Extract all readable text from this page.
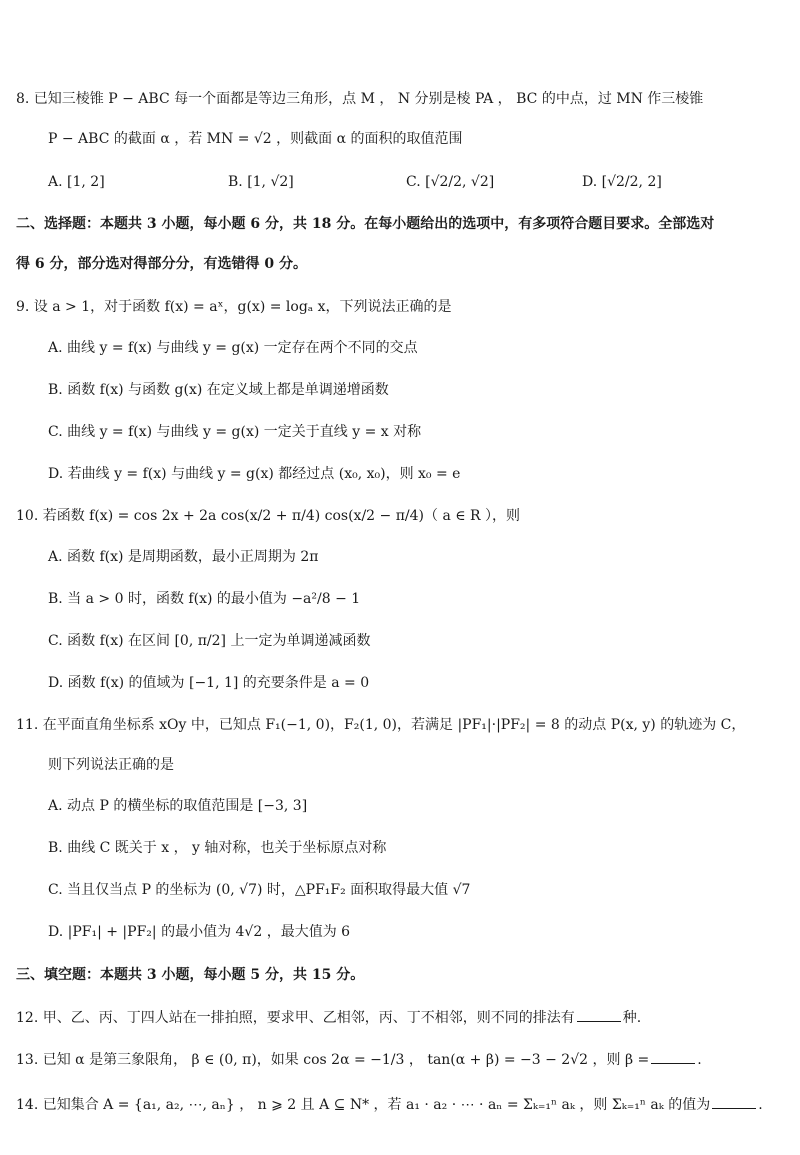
8. 已知三棱锥 P − ABC 每一个面都是等边三角形，点 M ， N 分别是棱 PA ， BC 的中点，过 MN 作三棱锥
P − ABC 的截面 α ，若 MN = √2 ，则截面 α 的面积的取值范围
A. [1, 2]	B. [1, √2]	C. [√2/2, √2]	D. [√2/2, 2]
二、选择题：本题共 3 小题，每小题 6 分，共 18 分。在每小题给出的选项中，有多项符合题目要求。全部选对
得 6 分，部分选对得部分分，有选错得 0 分。
9. 设 a > 1，对于函数 f(x) = aˣ，g(x) = logₐ x，下列说法正确的是
A. 曲线 y = f(x) 与曲线 y = g(x) 一定存在两个不同的交点
B. 函数 f(x) 与函数 g(x) 在定义域上都是单调递增函数
C. 曲线 y = f(x) 与曲线 y = g(x) 一定关于直线 y = x 对称
D. 若曲线 y = f(x) 与曲线 y = g(x) 都经过点 (x₀, x₀)，则 x₀ = e
10. 若函数 f(x) = cos 2x + 2a cos(x/2 + π/4) cos(x/2 − π/4)（ a ∈ R ），则
A. 函数 f(x) 是周期函数，最小正周期为 2π
B. 当 a > 0 时，函数 f(x) 的最小值为 −a²/8 − 1
C. 函数 f(x) 在区间 [0, π/2] 上一定为单调递减函数
D. 函数 f(x) 的值域为 [−1, 1] 的充要条件是 a = 0
11. 在平面直角坐标系 xOy 中，已知点 F₁(−1, 0)，F₂(1, 0)，若满足 |PF₁|·|PF₂| = 8 的动点 P(x, y) 的轨迹为 C，
则下列说法正确的是
A. 动点 P 的横坐标的取值范围是 [−3, 3]
B. 曲线 C 既关于 x ， y 轴对称，也关于坐标原点对称
C. 当且仅当点 P 的坐标为 (0, √7) 时，△PF₁F₂ 面积取得最大值 √7
D. |PF₁| + |PF₂| 的最小值为 4√2 ，最大值为 6
三、填空题：本题共 3 小题，每小题 5 分，共 15 分。
12. 甲、乙、丙、丁四人站在一排拍照，要求甲、乙相邻，丙、丁不相邻，则不同的排法有	种.
13. 已知 α 是第三象限角， β ∈ (0, π)，如果 cos 2α = −1/3 ， tan(α + β) = −3 − 2√2 ，则 β =	.
14. 已知集合 A = {a₁, a₂, ⋯, aₙ} ， n ⩾ 2 且 A ⊆ N* ，若 a₁ · a₂ · ⋯ · aₙ = Σₖ₌₁ⁿ aₖ ，则 Σₖ₌₁ⁿ aₖ 的值为	.
